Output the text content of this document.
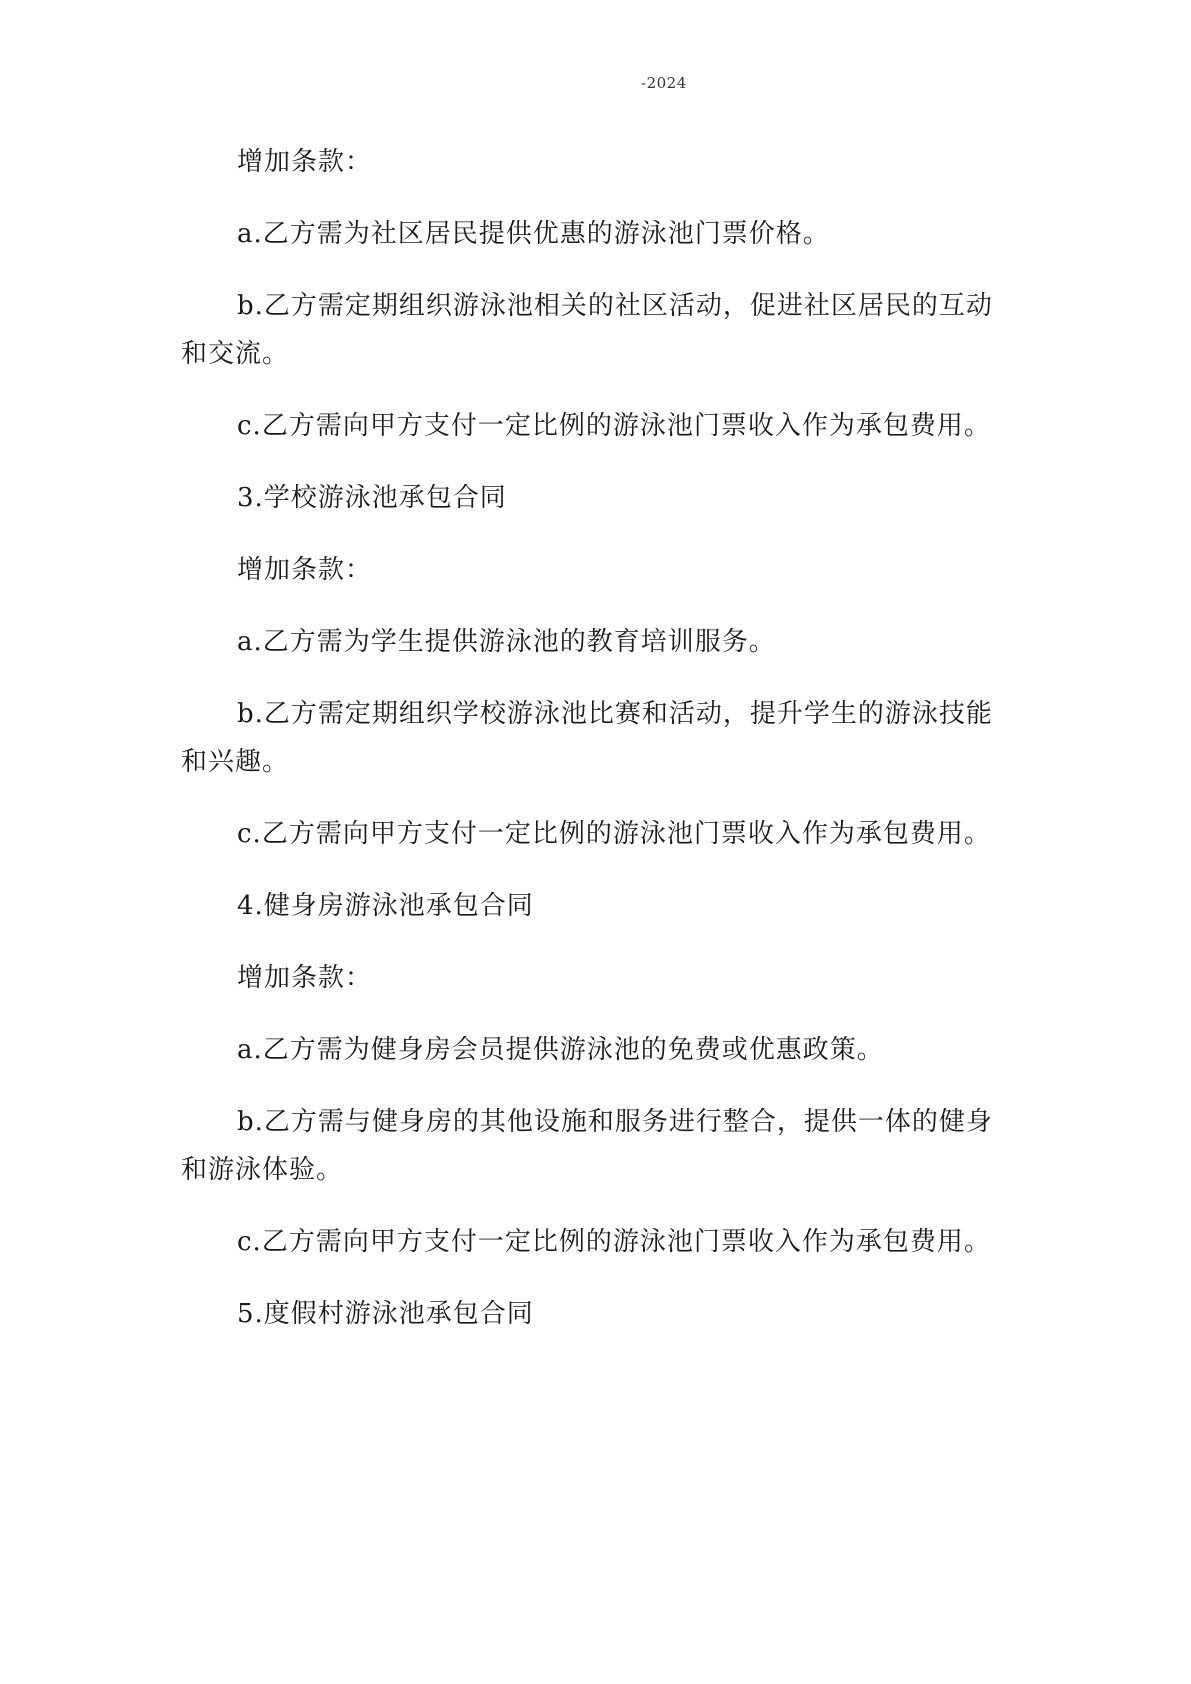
-2024

增加条款：

a.乙方需为社区居民提供优惠的游泳池门票价格。

b.乙方需定期组织游泳池相关的社区活动，促进社区居民的互动和交流。

c.乙方需向甲方支付一定比例的游泳池门票收入作为承包费用。

3.学校游泳池承包合同

增加条款：

a.乙方需为学生提供游泳池的教育培训服务。

b.乙方需定期组织学校游泳池比赛和活动，提升学生的游泳技能和兴趣。

c.乙方需向甲方支付一定比例的游泳池门票收入作为承包费用。

4.健身房游泳池承包合同

增加条款：

a.乙方需为健身房会员提供游泳池的免费或优惠政策。

b.乙方需与健身房的其他设施和服务进行整合，提供一体的健身和游泳体验。

c.乙方需向甲方支付一定比例的游泳池门票收入作为承包费用。

5.度假村游泳池承包合同
